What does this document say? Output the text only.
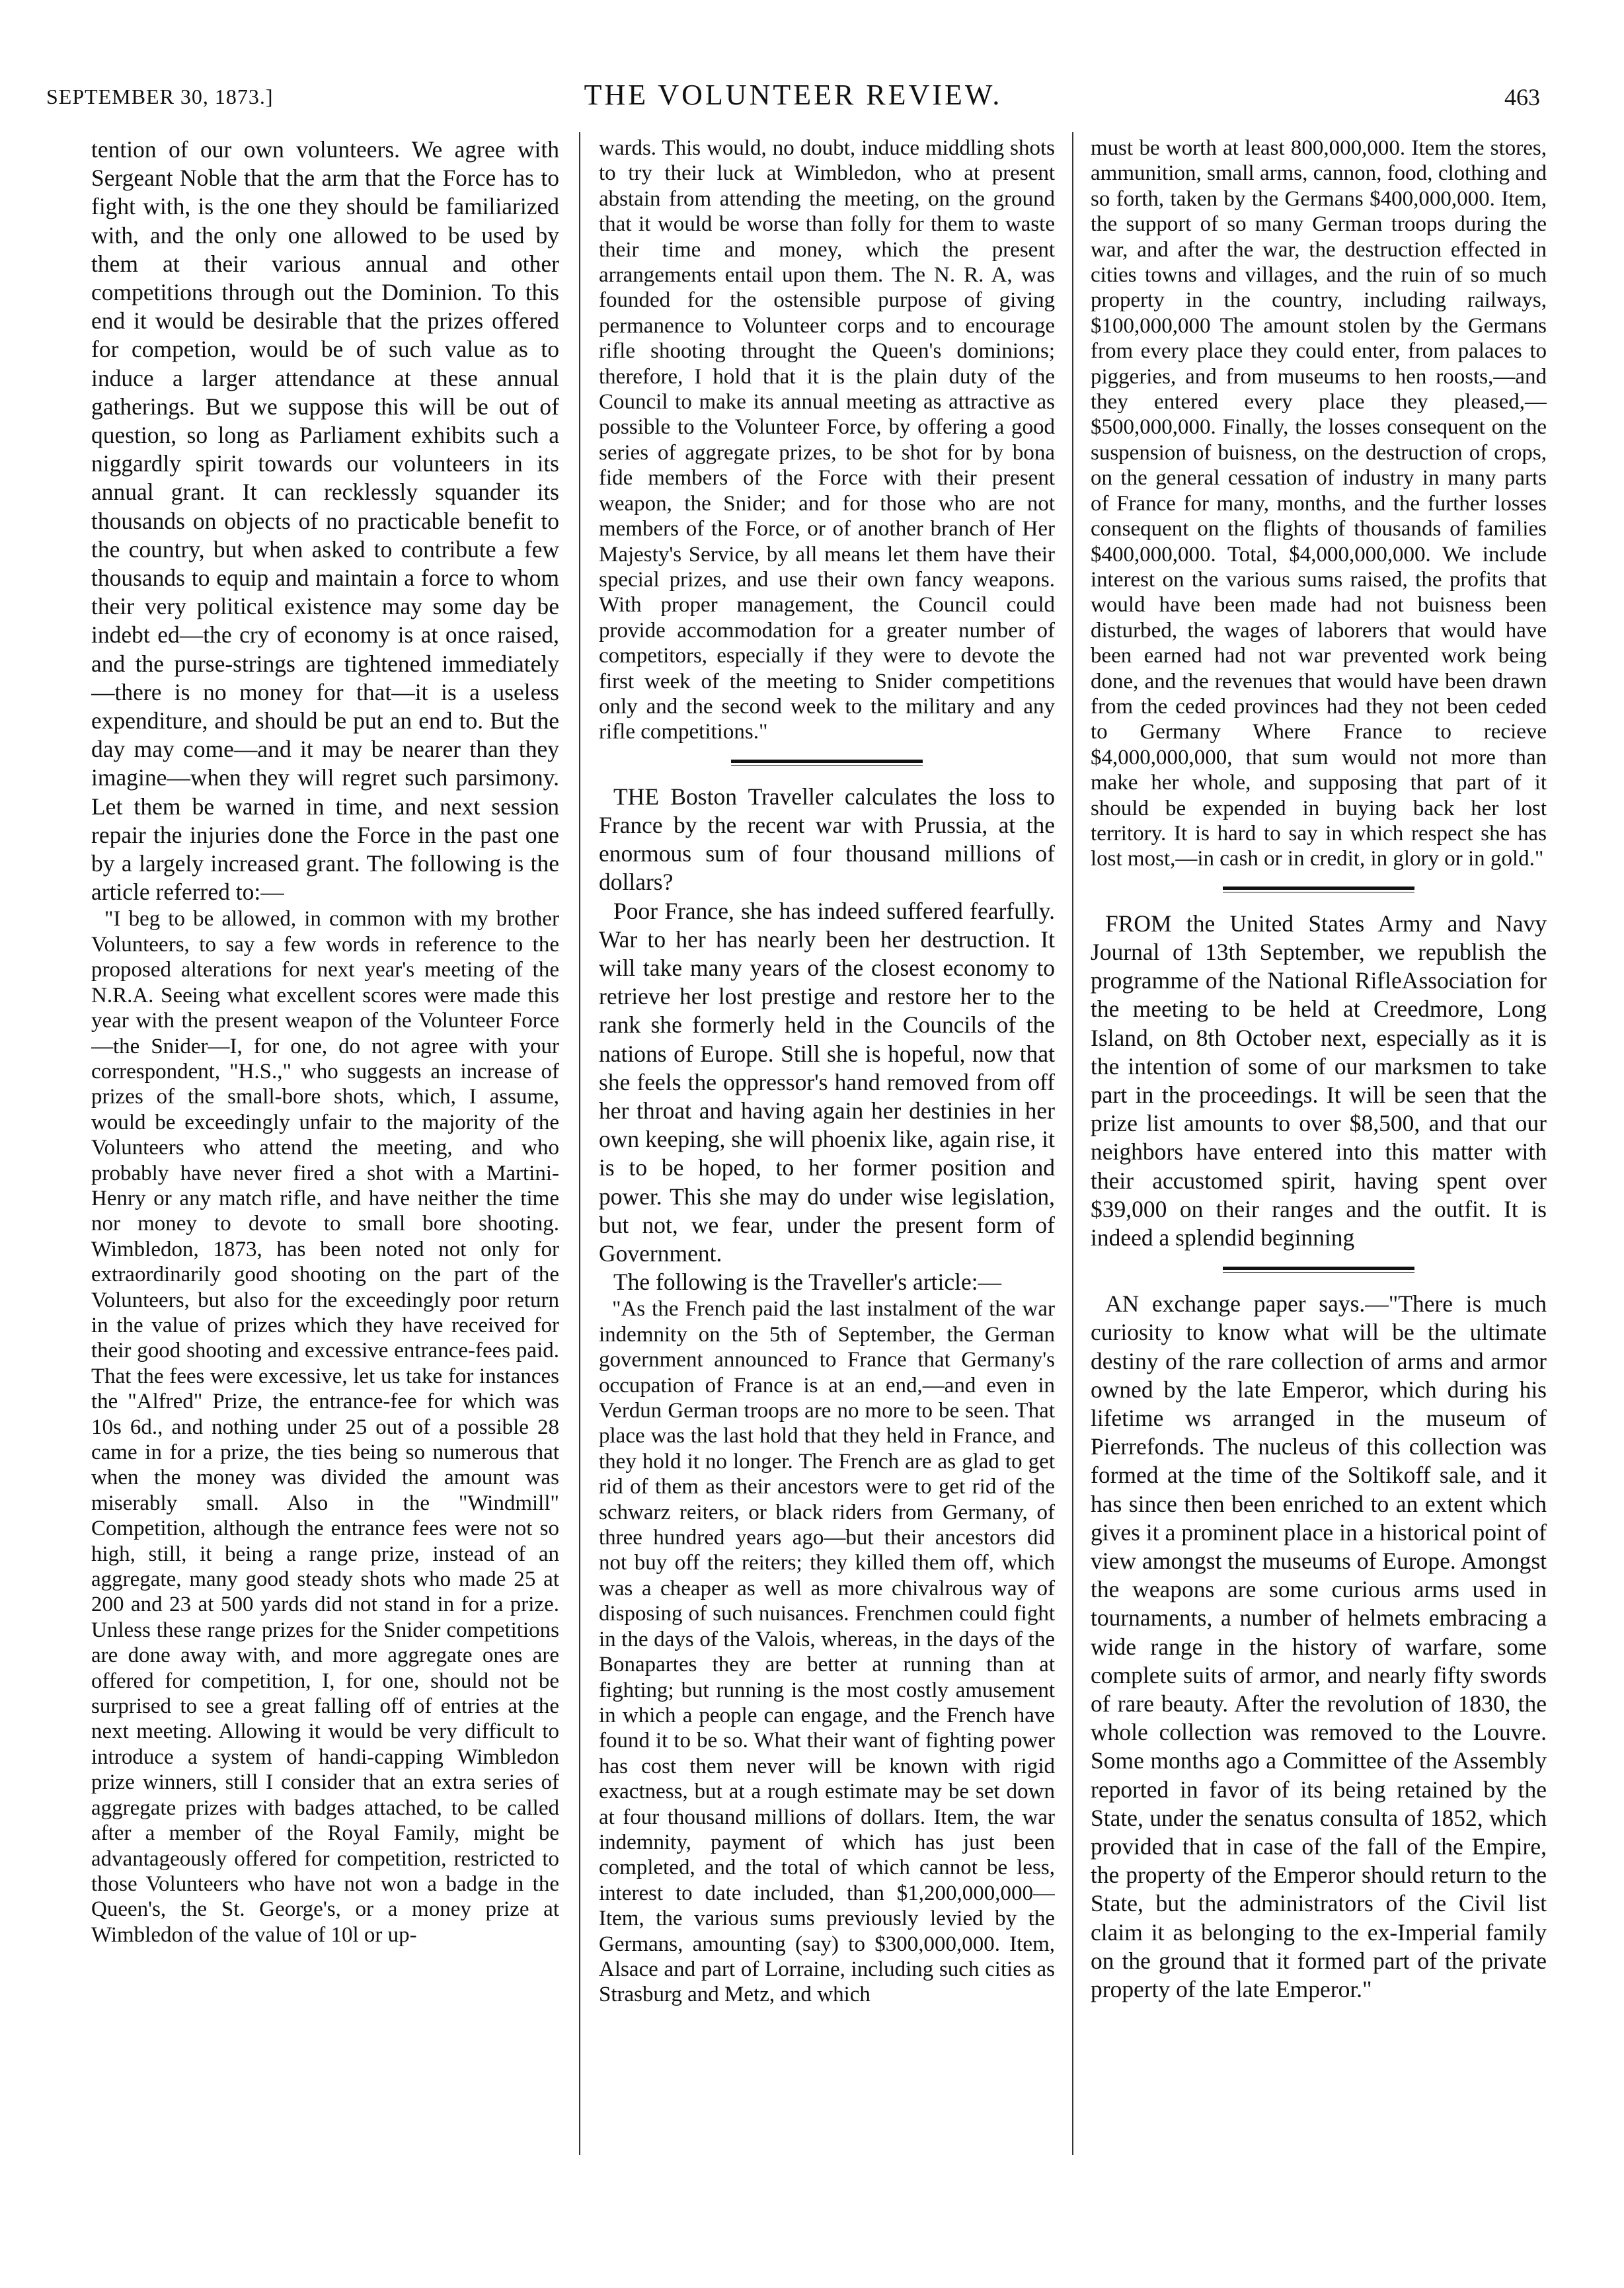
SEPTEMBER 30, 1873.]	THE VOLUNTEER REVIEW.	463

tention of our own volunteers. We agree with Sergeant Noble that the arm that the Force has to fight with, is the one they should be familiarized with, and the only one allowed to be used by them at their various annual and other competitions through out the Dominion. To this end it would be desirable that the prizes offered for competion, would be of such value as to induce a larger attendance at these annual gatherings. But we suppose this will be out of question, so long as Parliament exhibits such a niggardly spirit towards our volunteers in its annual grant. It can recklessly squander its thousands on objects of no practicable benefit to the country, but when asked to contribute a few thousands to equip and maintain a force to whom their very political existence may some day be indebt ed—the cry of economy is at once raised, and the purse-strings are tightened immediately—there is no money for that—it is a useless expenditure, and should be put an end to. But the day may come—and it may be nearer than they imagine—when they will regret such parsimony. Let them be warned in time, and next session repair the injuries done the Force in the past one by a largely increased grant. The following is the article referred to:—

"I beg to be allowed, in common with my brother Volunteers, to say a few words in reference to the proposed alterations for next year's meeting of the N.R.A. Seeing what excellent scores were made this year with the present weapon of the Volunteer Force—the Snider—I, for one, do not agree with your correspondent, "H.S.," who suggests an increase of prizes of the small-bore shots, which, I assume, would be exceedingly unfair to the majority of the Volunteers who attend the meeting, and who probably have never fired a shot with a Martini-Henry or any match rifle, and have neither the time nor money to devote to small bore shooting. Wimbledon, 1873, has been noted not only for extraordinarily good shooting on the part of the Volunteers, but also for the exceedingly poor return in the value of prizes which they have received for their good shooting and excessive entrance-fees paid. That the fees were excessive, let us take for instances the "Alfred" Prize, the entrance-fee for which was 10s 6d., and nothing under 25 out of a possible 28 came in for a prize, the ties being so numerous that when the money was divided the amount was miserably small. Also in the "Windmill" Competition, although the entrance fees were not so high, still, it being a range prize, instead of an aggregate, many good steady shots who made 25 at 200 and 23 at 500 yards did not stand in for a prize. Unless these range prizes for the Snider competitions are done away with, and more aggregate ones are offered for competition, I, for one, should not be surprised to see a great falling off of entries at the next meeting. Allowing it would be very difficult to introduce a system of handi-capping Wimbledon prize winners, still I consider that an extra series of aggregate prizes with badges attached, to be called after a member of the Royal Family, might be advantageously offered for competition, restricted to those Volunteers who have not won a badge in the Queen's, the St. George's, or a money prize at Wimbledon of the value of 10l or up-

wards. This would, no doubt, induce middling shots to try their luck at Wimbledon, who at present abstain from attending the meeting, on the ground that it would be worse than folly for them to waste their time and money, which the present arrangements entail upon them. The N. R. A, was founded for the ostensible purpose of giving permanence to Volunteer corps and to encourage rifle shooting throught the Queen's dominions; therefore, I hold that it is the plain duty of the Council to make its annual meeting as attractive as possible to the Volunteer Force, by offering a good series of aggregate prizes, to be shot for by bona fide members of the Force with their present weapon, the Snider; and for those who are not members of the Force, or of another branch of Her Majesty's Service, by all means let them have their special prizes, and use their own fancy weapons. With proper management, the Council could provide accommodation for a greater number of competitors, especially if they were to devote the first week of the meeting to Snider competitions only and the second week to the military and any rifle competitions."

THE Boston Traveller calculates the loss to France by the recent war with Prussia, at the enormous sum of four thousand millions of dollars?

Poor France, she has indeed suffered fearfully. War to her has nearly been her destruction. It will take many years of the closest economy to retrieve her lost prestige and restore her to the rank she formerly held in the Councils of the nations of Europe. Still she is hopeful, now that she feels the oppressor's hand removed from off her throat and having again her destinies in her own keeping, she will phoenix like, again rise, it is to be hoped, to her former position and power. This she may do under wise legislation, but not, we fear, under the present form of Government.

The following is the Traveller's article:—

"As the French paid the last instalment of the war indemnity on the 5th of September, the German government announced to France that Germany's occupation of France is at an end,—and even in Verdun German troops are no more to be seen. That place was the last hold that they held in France, and they hold it no longer. The French are as glad to get rid of them as their ancestors were to get rid of the schwarz reiters, or black riders from Germany, of three hundred years ago—but their ancestors did not buy off the reiters; they killed them off, which was a cheaper as well as more chivalrous way of disposing of such nuisances. Frenchmen could fight in the days of the Valois, whereas, in the days of the Bonapartes they are better at running than at fighting; but running is the most costly amusement in which a people can engage, and the French have found it to be so. What their want of fighting power has cost them never will be known with rigid exactness, but at a rough estimate may be set down at four thousand millions of dollars. Item, the war indemnity, payment of which has just been completed, and the total of which cannot be less, interest to date included, than $1,200,000,000—Item, the various sums previously levied by the Germans, amounting (say) to $300,000,000. Item, Alsace and part of Lorraine, including such cities as Strasburg and Metz, and which

must be worth at least 800,000,000. Item the stores, ammunition, small arms, cannon, food, clothing and so forth, taken by the Germans $400,000,000. Item, the support of so many German troops during the war, and after the war, the destruction effected in cities towns and villages, and the ruin of so much property in the country, including railways, $100,000,000 The amount stolen by the Germans from every place they could enter, from palaces to piggeries, and from museums to hen roosts,—and they entered every place they pleased,—$500,000,000. Finally, the losses consequent on the suspension of buisness, on the destruction of crops, on the general cessation of industry in many parts of France for many, months, and the further losses consequent on the flights of thousands of families $400,000,000. Total, $4,000,000,000. We include interest on the various sums raised, the profits that would have been made had not buisness been disturbed, the wages of laborers that would have been earned had not war prevented work being done, and the revenues that would have been drawn from the ceded provinces had they not been ceded to Germany Where France to recieve $4,000,000,000, that sum would not more than make her whole, and supposing that part of it should be expended in buying back her lost territory. It is hard to say in which respect she has lost most,—in cash or in credit, in glory or in gold."

FROM the United States Army and Navy Journal of 13th September, we republish the programme of the National RifleAssociation for the meeting to be held at Creedmore, Long Island, on 8th October next, especially as it is the intention of some of our marksmen to take part in the proceedings. It will be seen that the prize list amounts to over $8,500, and that our neighbors have entered into this matter with their accustomed spirit, having spent over $39,000 on their ranges and the outfit. It is indeed a splendid beginning

AN exchange paper says.—"There is much curiosity to know what will be the ultimate destiny of the rare collection of arms and armor owned by the late Emperor, which during his lifetime ws arranged in the museum of Pierrefonds. The nucleus of this collection was formed at the time of the Soltikoff sale, and it has since then been enriched to an extent which gives it a prominent place in a historical point of view amongst the museums of Europe. Amongst the weapons are some curious arms used in tournaments, a number of helmets embracing a wide range in the history of warfare, some complete suits of armor, and nearly fifty swords of rare beauty. After the revolution of 1830, the whole collection was removed to the Louvre. Some months ago a Committee of the Assembly reported in favor of its being retained by the State, under the senatus consulta of 1852, which provided that in case of the fall of the Empire, the property of the Emperor should return to the State, but the administrators of the Civil list claim it as belonging to the ex-Imperial family on the ground that it formed part of the private property of the late Emperor."
